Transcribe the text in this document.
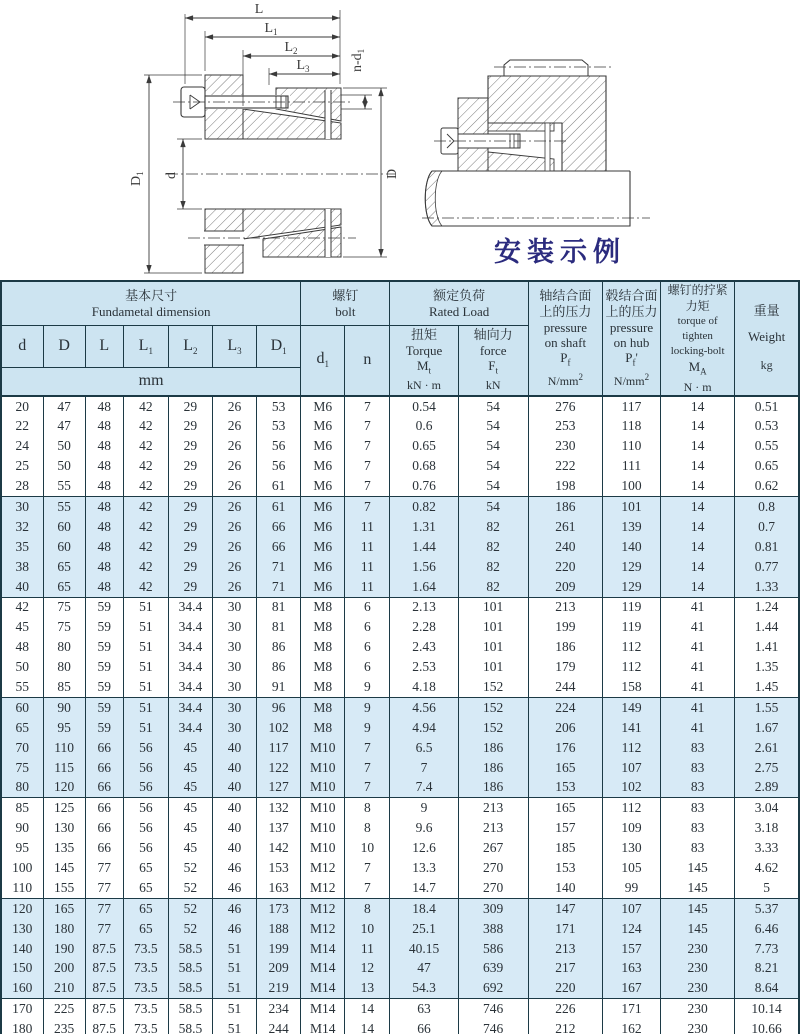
L
$L_1$
$L_2$
$L_3$	$n-d_1$
$D_1$ d	D
安装示例
基本尺寸
Fundametal dimension

螺钉
bolt

额定负荷
Rated Load

轴结合面
上的压力
pressure
on shaft
$P_f$
$N/mm^2$

毂结合面
上的压力
pressure
on hub
$P_f'$
$N/mm^2$

螺钉的拧紧
力矩
torque of
tighten
locking-bolt
$M_A$
N · m

重量
Weight
kg

d	D	L	$L_1$	$L_2$	$L_3$	$D_1$	$d_1$	n	
扭矩
Torque
$M_t$
kN · m

轴向力
force
$F_t$
kN

mm														
20	47	48	42	29	26	53	M6	7	0.54	54	276	117	14	0.51
22	47	48	42	29	26	53	M6	7	0.6	54	253	118	14	0.53
24	50	48	42	29	26	56	M6	7	0.65	54	230	110	14	0.55
25	50	48	42	29	26	56	M6	7	0.68	54	222	111	14	0.65
28	55	48	42	29	26	61	M6	7	0.76	54	198	100	14	0.62
30	55	48	42	29	26	61	M6	7	0.82	54	186	101	14	0.8
32	60	48	42	29	26	66	M6	11	1.31	82	261	139	14	0.7
35	60	48	42	29	26	66	M6	11	1.44	82	240	140	14	0.81
38	65	48	42	29	26	71	M6	11	1.56	82	220	129	14	0.77
40	65	48	42	29	26	71	M6	11	1.64	82	209	129	14	1.33
42	75	59	51	34.4	30	81	M8	6	2.13	101	213	119	41	1.24
45	75	59	51	34.4	30	81	M8	6	2.28	101	199	119	41	1.44
48	80	59	51	34.4	30	86	M8	6	2.43	101	186	112	41	1.41
50	80	59	51	34.4	30	86	M8	6	2.53	101	179	112	41	1.35
55	85	59	51	34.4	30	91	M8	9	4.18	152	244	158	41	1.45
60	90	59	51	34.4	30	96	M8	9	4.56	152	224	149	41	1.55
65	95	59	51	34.4	30	102	M8	9	4.94	152	206	141	41	1.67
70	110	66	56	45	40	117	M10	7	6.5	186	176	112	83	2.61
75	115	66	56	45	40	122	M10	7	7	186	165	107	83	2.75
80	120	66	56	45	40	127	M10	7	7.4	186	153	102	83	2.89
85	125	66	56	45	40	132	M10	8	9	213	165	112	83	3.04
90	130	66	56	45	40	137	M10	8	9.6	213	157	109	83	3.18
95	135	66	56	45	40	142	M10	10	12.6	267	185	130	83	3.33
100	145	77	65	52	46	153	M12	7	13.3	270	153	105	145	4.62
110	155	77	65	52	46	163	M12	7	14.7	270	140	99	145	5
120	165	77	65	52	46	173	M12	8	18.4	309	147	107	145	5.37
130	180	77	65	52	46	188	M12	10	25.1	388	171	124	145	6.46
140	190	87.5	73.5	58.5	51	199	M14	11	40.15	586	213	157	230	7.73
150	200	87.5	73.5	58.5	51	209	M14	12	47	639	217	163	230	8.21
160	210	87.5	73.5	58.5	51	219	M14	13	54.3	692	220	167	230	8.64
170	225	87.5	73.5	58.5	51	234	M14	14	63	746	226	171	230	10.14
180	235	87.5	73.5	58.5	51	244	M14	14	66	746	212	162	230	10.66
